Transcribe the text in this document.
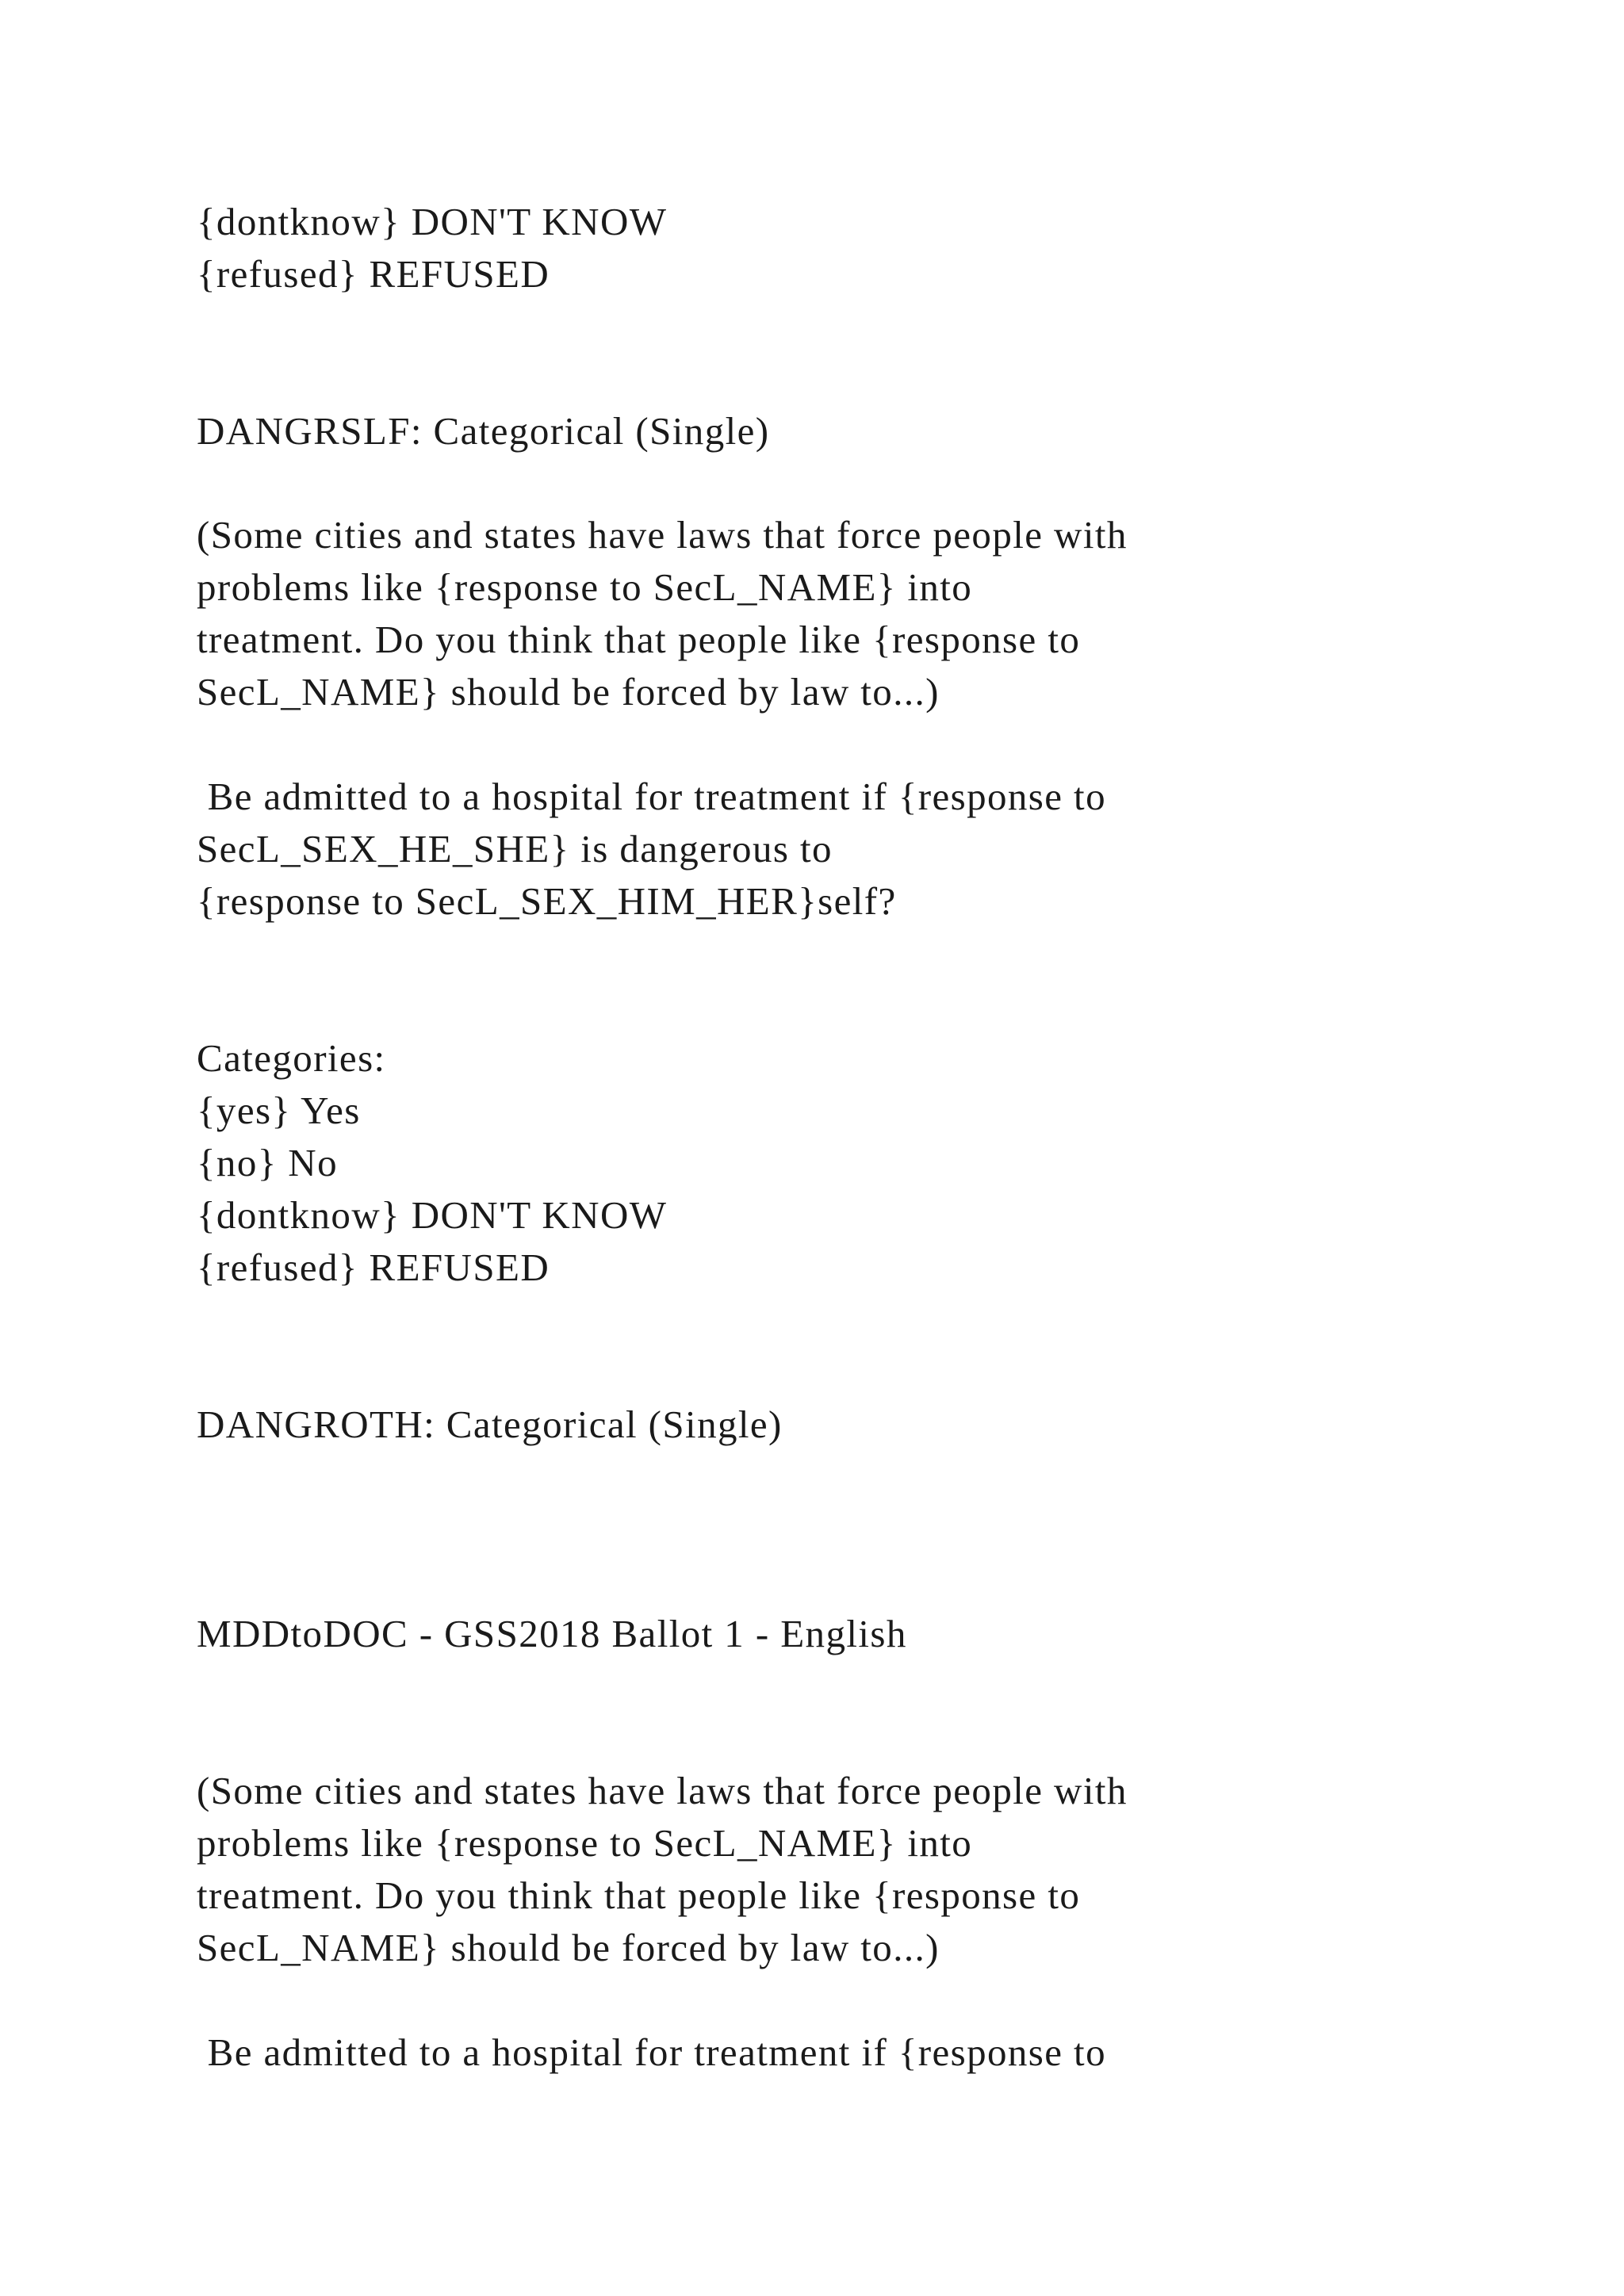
{dontknow} DON'T KNOW
{refused} REFUSED
DANGRSLF: Categorical (Single)
(Some cities and states have laws that force people with
problems like {response to SecL_NAME} into
treatment. Do you think that people like {response to
SecL_NAME} should be forced by law to...)
Be admitted to a hospital for treatment if {response to
SecL_SEX_HE_SHE} is dangerous to
{response to SecL_SEX_HIM_HER}self?
Categories:
{yes} Yes
{no} No
{dontknow} DON'T KNOW
{refused} REFUSED
DANGROTH: Categorical (Single)
MDDtoDOC - GSS2018 Ballot 1 - English
(Some cities and states have laws that force people with
problems like {response to SecL_NAME} into
treatment. Do you think that people like {response to
SecL_NAME} should be forced by law to...)
Be admitted to a hospital for treatment if {response to
